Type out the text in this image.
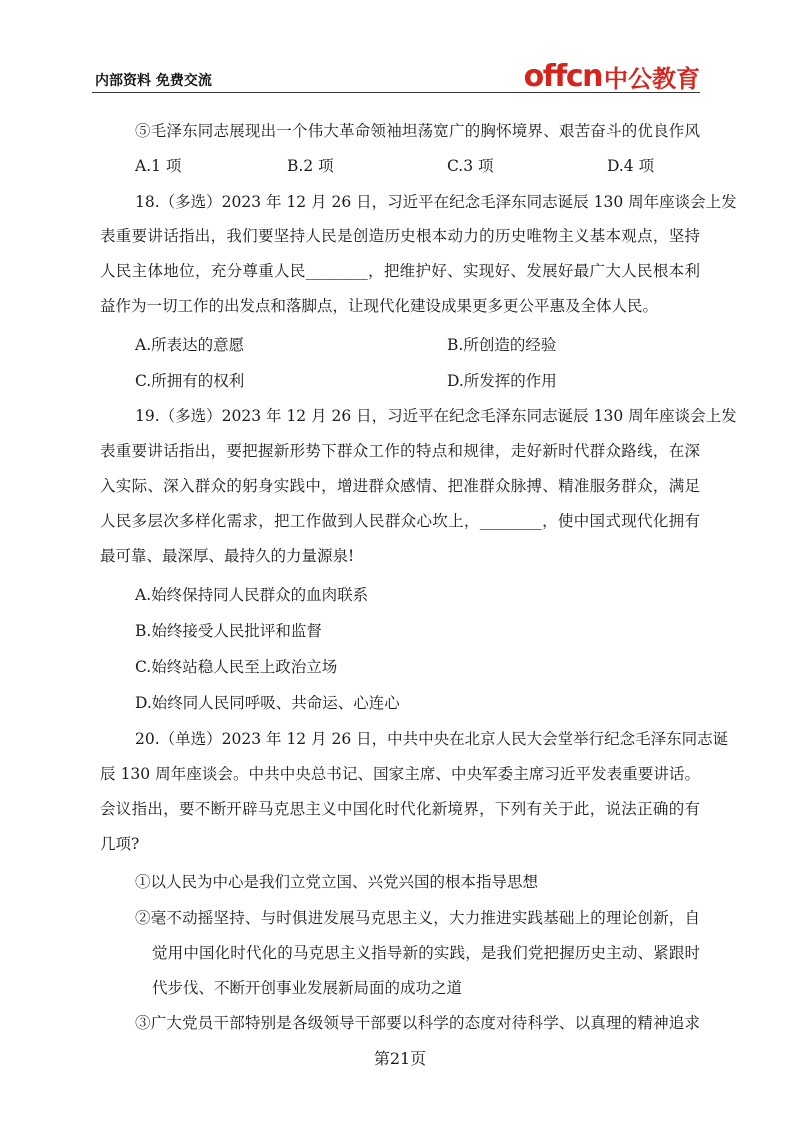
内部资料 免费交流	offcn 中公教育
⑤毛泽东同志展现出一个伟大革命领袖坦荡宽广的胸怀境界、艰苦奋斗的优良作风
A.1 项	B.2 项	C.3 项	D.4 项
18.（多选）2023 年 12 月 26 日，习近平在纪念毛泽东同志诞辰 130 周年座谈会上发
表重要讲话指出，我们要坚持人民是创造历史根本动力的历史唯物主义基本观点，坚持
人民主体地位，充分尊重人民________，把维护好、实现好、发展好最广大人民根本利
益作为一切工作的出发点和落脚点，让现代化建设成果更多更公平惠及全体人民。
A.所表达的意愿	B.所创造的经验
C.所拥有的权利	D.所发挥的作用
19.（多选）2023 年 12 月 26 日，习近平在纪念毛泽东同志诞辰 130 周年座谈会上发
表重要讲话指出，要把握新形势下群众工作的特点和规律，走好新时代群众路线，在深
入实际、深入群众的躬身实践中，增进群众感情、把准群众脉搏、精准服务群众，满足
人民多层次多样化需求，把工作做到人民群众心坎上，________，使中国式现代化拥有
最可靠、最深厚、最持久的力量源泉!
A.始终保持同人民群众的血肉联系
B.始终接受人民批评和监督
C.始终站稳人民至上政治立场
D.始终同人民同呼吸、共命运、心连心
20.（单选）2023 年 12 月 26 日，中共中央在北京人民大会堂举行纪念毛泽东同志诞
辰 130 周年座谈会。中共中央总书记、国家主席、中央军委主席习近平发表重要讲话。
会议指出，要不断开辟马克思主义中国化时代化新境界，下列有关于此，说法正确的有
几项?
①以人民为中心是我们立党立国、兴党兴国的根本指导思想
②毫不动摇坚持、与时俱进发展马克思主义，大力推进实践基础上的理论创新，自
觉用中国化时代化的马克思主义指导新的实践，是我们党把握历史主动、紧跟时
代步伐、不断开创事业发展新局面的成功之道
③广大党员干部特别是各级领导干部要以科学的态度对待科学、以真理的精神追求
第21页
